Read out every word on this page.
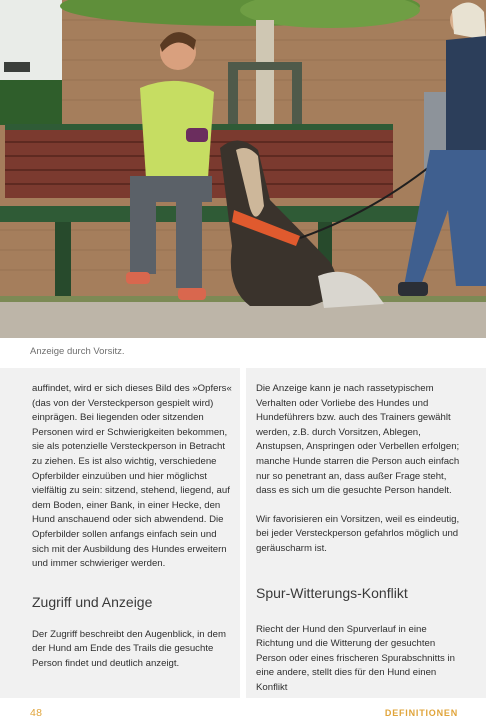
Anzeige durch Vorsitz.

auffindet, wird er sich dieses Bild des »Opfers« (das von der Versteckperson gespielt wird) einprägen. Bei liegenden oder sitzenden Personen wird er Schwierigkeiten bekommen, sie als potenzielle Versteckperson in Betracht zu ziehen. Es ist also wichtig, verschiedene Opferbilder einzuüben und hier möglichst vielfältig zu sein: sitzend, stehend, liegend, auf dem Boden, einer Bank, in einer Hecke, den Hund anschauend oder sich abwendend. Die Opferbilder sollen anfangs einfach sein und sich mit der Ausbildung des Hundes erweitern und immer schwieriger werden.

Zugriff und Anzeige

Der Zugriff beschreibt den Augenblick, in dem der Hund am Ende des Trails die gesuchte Person findet und deutlich anzeigt.

Die Anzeige kann je nach rassetypischem Verhalten oder Vorliebe des Hundes und Hundeführers bzw. auch des Trainers gewählt werden, z.B. durch Vorsitzen, Ablegen, Anstupsen, Anspringen oder Verbellen erfolgen; manche Hunde starren die Person auch einfach nur so penetrant an, dass außer Frage steht, dass es sich um die gesuchte Person handelt.

Wir favorisieren ein Vorsitzen, weil es eindeutig, bei jeder Versteckperson gefahrlos möglich und geräuscharm ist.

Spur-Witterungs-Konflikt

Riecht der Hund den Spurverlauf in eine Richtung und die Witterung der gesuchten Person oder eines frischeren Spurabschnitts in eine andere, stellt dies für den Hund einen Konflikt

48	DEFINITIONEN
